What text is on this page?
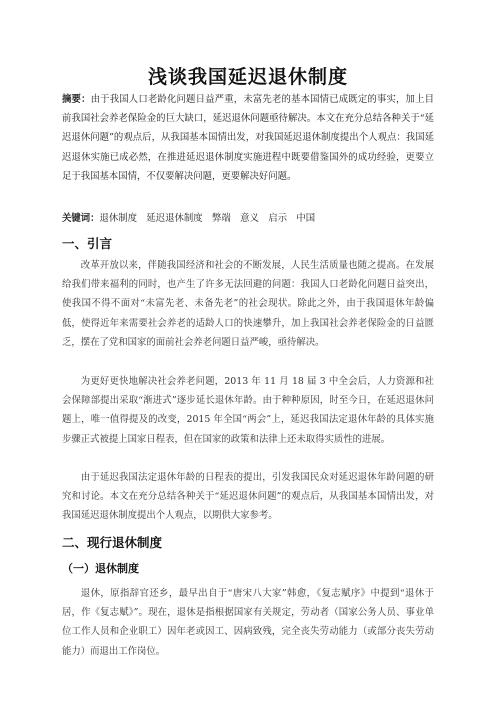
浅谈我国延迟退休制度
摘要：由于我国人口老龄化问题日益严重，未富先老的基本国情已成既定的事实，加上目前我国社会养老保险金的巨大缺口，延迟退休问题亟待解决。本文在充分总结各种关于“延迟退休问题”的观点后，从我国基本国情出发，对我国延迟退休制度提出个人观点：我国延迟退休实施已成必然，在推进延迟退休制度实施进程中既要借鉴国外的成功经验，更要立足于我国基本国情，不仅要解决问题，更要解决好问题。
关键词：退休制度　延迟退休制度　弊端　意义　启示　中国
一、引言
改革开放以来，伴随我国经济和社会的不断发展，人民生活质量也随之提高。在发展给我们带来福利的同时，也产生了许多无法回避的问题：我国人口老龄化问题日益突出，使我国不得不面对“未富先老、未备先老”的社会现状。除此之外，由于我国退休年龄偏低，使得近年来需要社会养老的适龄人口的快速攀升，加上我国社会养老保险金的日益匮乏，摆在了党和国家的面前社会养老问题日益严峻，亟待解决。
为更好更快地解决社会养老问题，2013 年 11 月 18 届 3 中全会后，人力资源和社会保障部提出采取“渐进式”逐步延长退休年龄。由于种种原因，时至今日，在延迟退休问题上，唯一值得提及的改变，2015 年全国“两会”上，延迟我国法定退休年龄的具体实施步骤正式被提上国家日程表，但在国家的政策和法律上还未取得实质性的进展。
由于延迟我国法定退休年龄的日程表的提出，引发我国民众对延迟退休年龄问题的研究和讨论。本文在充分总结各种关于“延迟退休问题”的观点后，从我国基本国情出发，对我国延迟退休制度提出个人观点，以期供大家参考。
二、现行退休制度
（一）退休制度
退休，原指辞官还乡，最早出自于“唐宋八大家”韩愈，《复志赋序》中提到“退休于居，作《复志赋》”。现在，退休是指根据国家有关规定，劳动者（国家公务人员、事业单位工作人员和企业职工）因年老或因工、因病致残，完全丧失劳动能力（或部分丧失劳动能力）而退出工作岗位。
